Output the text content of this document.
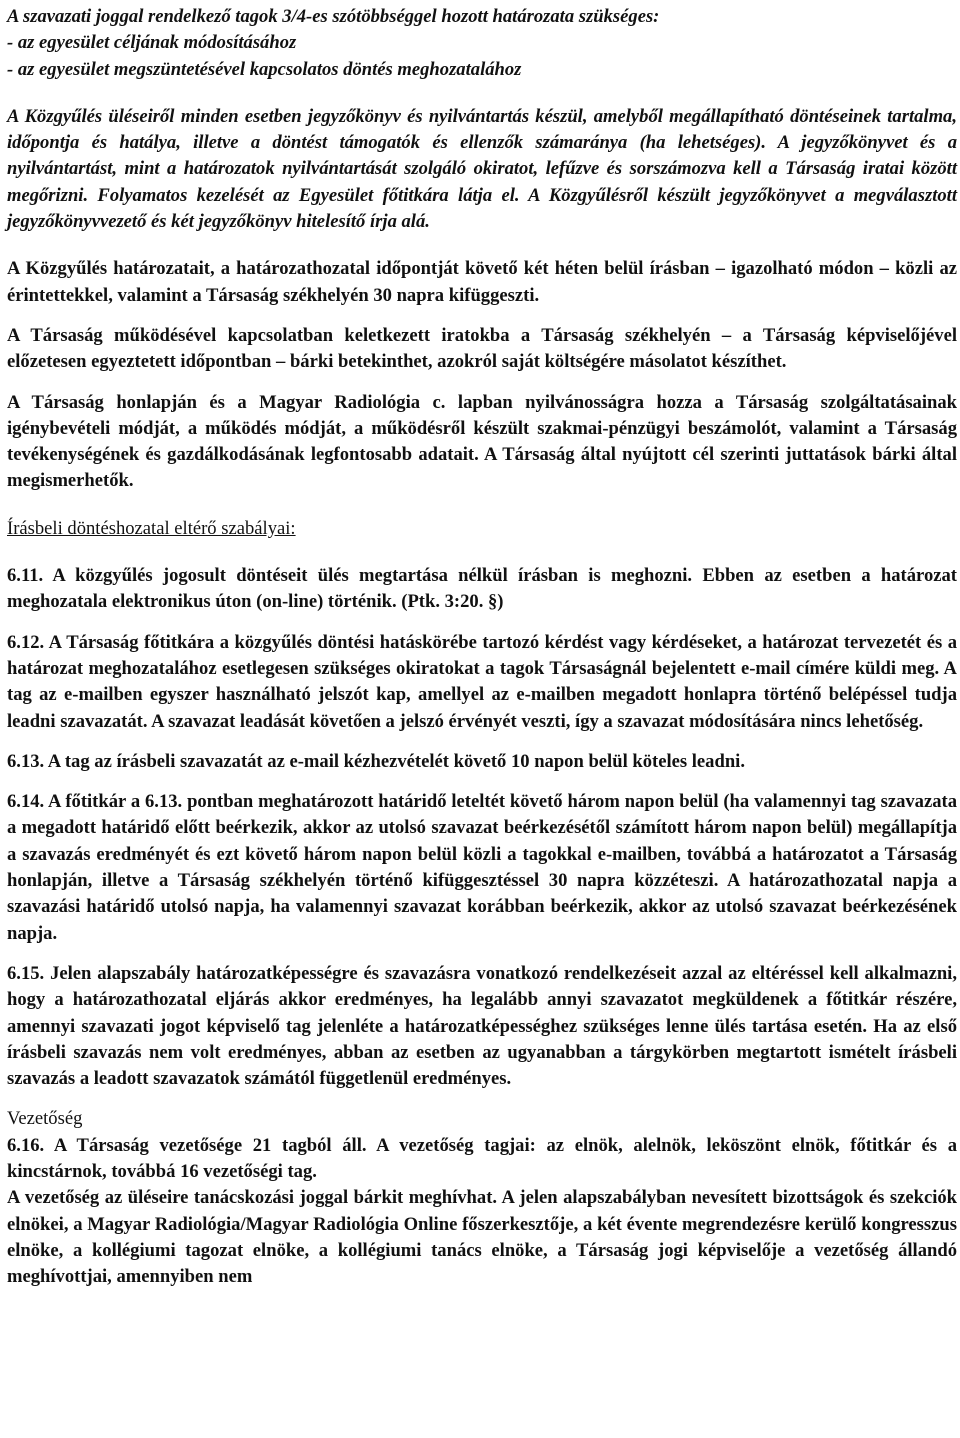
A szavazati joggal rendelkező tagok 3/4-es szótöbbséggel hozott határozata szükséges:
- az egyesület céljának módosításához
- az egyesület megszüntetésével kapcsolatos döntés meghozatalához

A Közgyűlés üléseiről minden esetben jegyzőkönyv és nyilvántartás készül, amelyből megállapítható döntéseinek tartalma, időpontja és hatálya, illetve a döntést támogatók és ellenzők számaránya (ha lehetséges). A jegyzőkönyvet és a nyilvántartást, mint a határozatok nyilvántartását szolgáló okiratot, lefűzve és sorszámozva kell a Társaság iratai között megőrizni. Folyamatos kezelését az Egyesület főtitkára látja el. A Közgyűlésről készült jegyzőkönyvet a megválasztott jegyzőkönyvvezető és két jegyzőkönyv hitelesítő írja alá.

A Közgyűlés határozatait, a határozathozatal időpontját követő két héten belül írásban – igazolható módon – közli az érintettekkel, valamint a Társaság székhelyén 30 napra kifüggeszti.

A Társaság működésével kapcsolatban keletkezett iratokba a Társaság székhelyén – a Társaság képviselőjével előzetesen egyeztetett időpontban – bárki betekinthet, azokról saját költségére másolatot készíthet.

A Társaság honlapján és a Magyar Radiológia c. lapban nyilvánosságra hozza a Társaság szolgáltatásainak igénybevételi módját, a működés módját, a működésről készült szakmai-pénzügyi beszámolót, valamint a Társaság tevékenységének és gazdálkodásának legfontosabb adatait. A Társaság által nyújtott cél szerinti juttatások bárki által megismerhetők.

Írásbeli döntéshozatal eltérő szabályai:

6.11. A közgyűlés jogosult döntéseit ülés megtartása nélkül írásban is meghozni. Ebben az esetben a határozat meghozatala elektronikus úton (on-line) történik. (Ptk. 3:20. §)

6.12. A Társaság főtitkára a közgyűlés döntési hatáskörébe tartozó kérdést vagy kérdéseket, a határozat tervezetét és a határozat meghozatalához esetlegesen szükséges okiratokat a tagok Társaságnál bejelentett e-mail címére küldi meg. A tag az e-mailben egyszer használható jelszót kap, amellyel az e-mailben megadott honlapra történő belépéssel tudja leadni szavazatát. A szavazat leadását követően a jelszó érvényét veszti, így a szavazat módosítására nincs lehetőség.

6.13. A tag az írásbeli szavazatát az e-mail kézhezvételét követő 10 napon belül köteles leadni.

6.14. A főtitkár a 6.13. pontban meghatározott határidő leteltét követő három napon belül (ha valamennyi tag szavazata a megadott határidő előtt beérkezik, akkor az utolsó szavazat beérkezésétől számított három napon belül) megállapítja a szavazás eredményét és ezt követő három napon belül közli a tagokkal e-mailben, továbbá a határozatot a Társaság honlapján, illetve a Társaság székhelyén történő kifüggesztéssel 30 napra közzéteszi. A határozathozatal napja a szavazási határidő utolsó napja, ha valamennyi szavazat korábban beérkezik, akkor az utolsó szavazat beérkezésének napja.

6.15. Jelen alapszabály határozatképességre és szavazásra vonatkozó rendelkezéseit azzal az eltéréssel kell alkalmazni, hogy a határozathozatal eljárás akkor eredményes, ha legalább annyi szavazatot megküldenek a főtitkár részére, amennyi szavazati jogot képviselő tag jelenléte a határozatképességhez szükséges lenne ülés tartása esetén. Ha az első írásbeli szavazás nem volt eredményes, abban az esetben az ugyanabban a tárgykörben megtartott ismételt írásbeli szavazás a leadott szavazatok számától függetlenül eredményes.

Vezetőség

6.16. A Társaság vezetősége 21 tagból áll. A vezetőség tagjai: az elnök, alelnök, leköszönt elnök, főtitkár és a kincstárnok, továbbá 16 vezetőségi tag.

A vezetőség az üléseire tanácskozási joggal bárkit meghívhat. A jelen alapszabályban nevesített bizottságok és szekciók elnökei, a Magyar Radiológia/Magyar Radiológia Online főszerkesztője, a két évente megrendezésre kerülő kongresszus elnöke, a kollégiumi tagozat elnöke, a kollégiumi tanács elnöke, a Társaság jogi képviselője a vezetőség állandó meghívottjai, amennyiben nem
